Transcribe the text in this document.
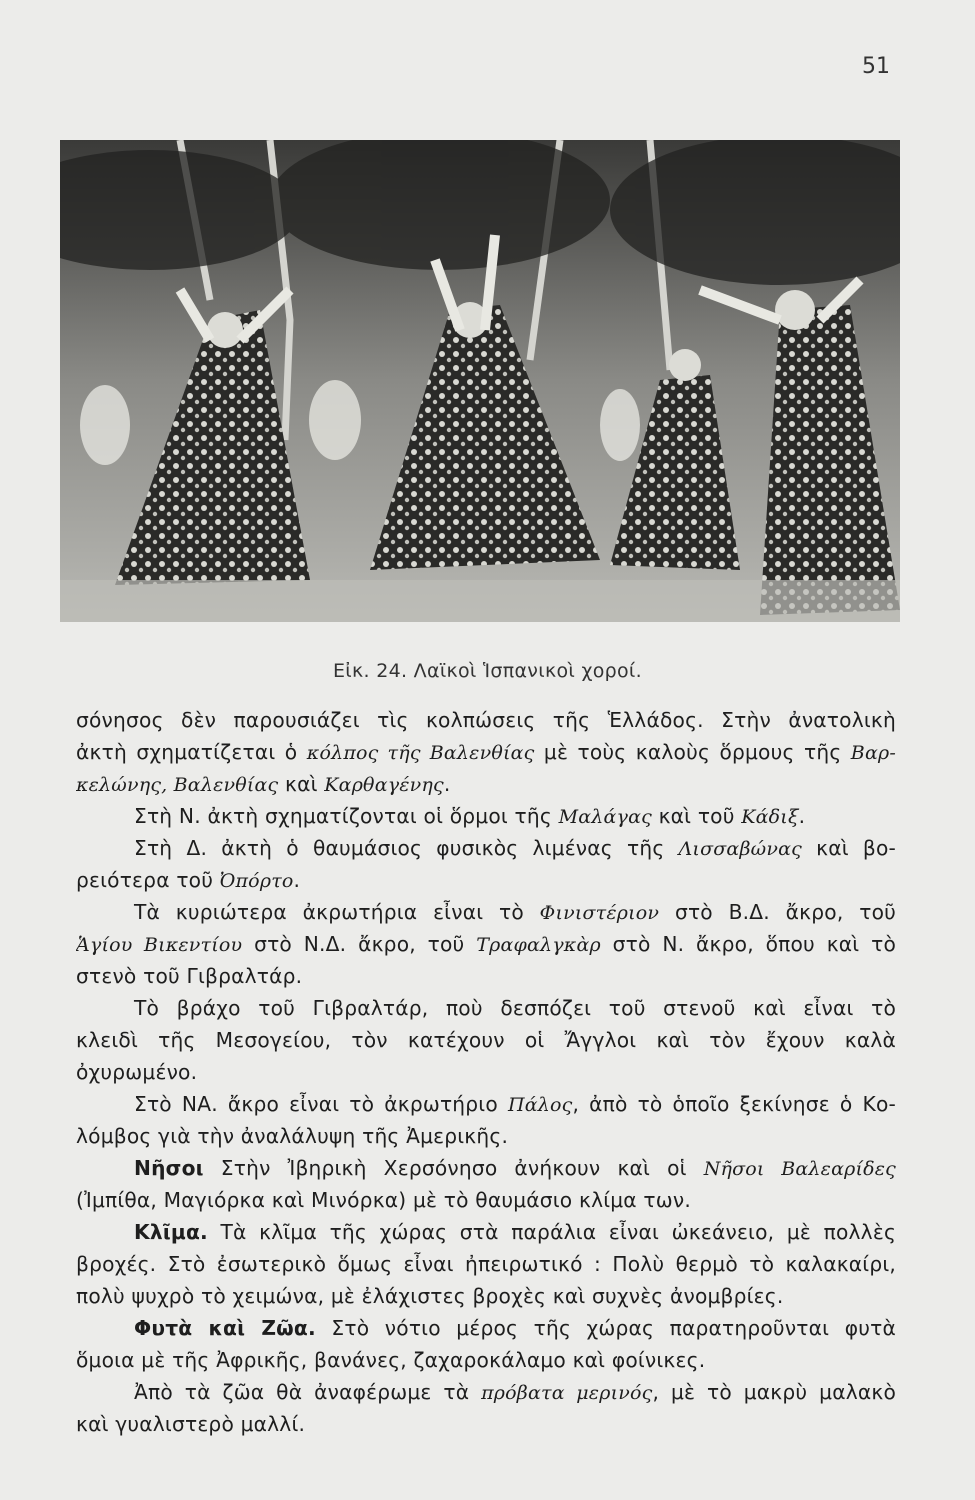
51
Εἰκ. 24. Λαϊκοὶ Ἱσπανικοὶ χοροί.
σόνησος δὲν παρουσιάζει τὶς κολπώσεις τῆς Ἑλλάδος. Στὴν ἀνατολικὴ
ἀκτὴ σχηματίζεται ὁ κόλπος τῆς Βαλενθίας μὲ τοὺς καλοὺς ὅρμους τῆς Βαρ-
κελώνης, Βαλενθίας καὶ Καρθαγένης.
Στὴ Ν. ἀκτὴ σχηματίζονται οἱ ὅρμοι τῆς Μαλάγας καὶ τοῦ Κάδιξ.
Στὴ Δ. ἀκτὴ ὁ θαυμάσιος φυσικὸς λιμένας τῆς Λισσαβώνας καὶ βο-
ρειότερα τοῦ Ὀπόρτο.
Τὰ κυριώτερα ἀκρωτήρια εἶναι τὸ Φινιστέριον στὸ Β.Δ. ἄκρο, τοῦ
Ἁγίου Βικεντίου στὸ Ν.Δ. ἄκρο, τοῦ Τραφαλγκὰρ στὸ Ν. ἄκρο, ὅπου καὶ τὸ
στενὸ τοῦ Γιβραλτάρ.
Τὸ βράχο τοῦ Γιβραλτάρ, ποὺ δεσπόζει τοῦ στενοῦ καὶ εἶναι τὸ
κλειδὶ τῆς Μεσογείου, τὸν κατέχουν οἱ Ἄγγλοι καὶ τὸν ἔχουν καλὰ
ὀχυρωμένο.
Στὸ ΝΑ. ἄκρο εἶναι τὸ ἀκρωτήριο Πάλος, ἀπὸ τὸ ὁποῖο ξεκίνησε ὁ Κο-
λόμβος γιὰ τὴν ἀναλάλυψη τῆς Ἀμερικῆς.
Νῆσοι Στὴν Ἰβηρικὴ Χερσόνησο ἀνήκουν καὶ οἱ Νῆσοι Βαλεαρίδες
(Ἰμπίθα, Μαγιόρκα καὶ Μινόρκα) μὲ τὸ θαυμάσιο κλίμα των.
Κλῖμα. Τὰ κλῖμα τῆς χώρας στὰ παράλια εἶναι ὠκεάνειο, μὲ πολλὲς
βροχές. Στὸ ἐσωτερικὸ ὅμως εἶναι ἠπειρωτικό : Πολὺ θερμὸ τὸ καλακαίρι,
πολὺ ψυχρὸ τὸ χειμώνα, μὲ ἐλάχιστες βροχὲς καὶ συχνὲς ἀνομβρίες.
Φυτὰ καὶ Ζῶα. Στὸ νότιο μέρος τῆς χώρας παρατηροῦνται φυτὰ
ὅμοια μὲ τῆς Ἀφρικῆς, βανάνες, ζαχαροκάλαμο καὶ φοίνικες.
Ἀπὸ τὰ ζῶα θὰ ἀναφέρωμε τὰ πρόβατα μερινός, μὲ τὸ μακρὺ μαλακὸ
καὶ γυαλιστερὸ μαλλί.
